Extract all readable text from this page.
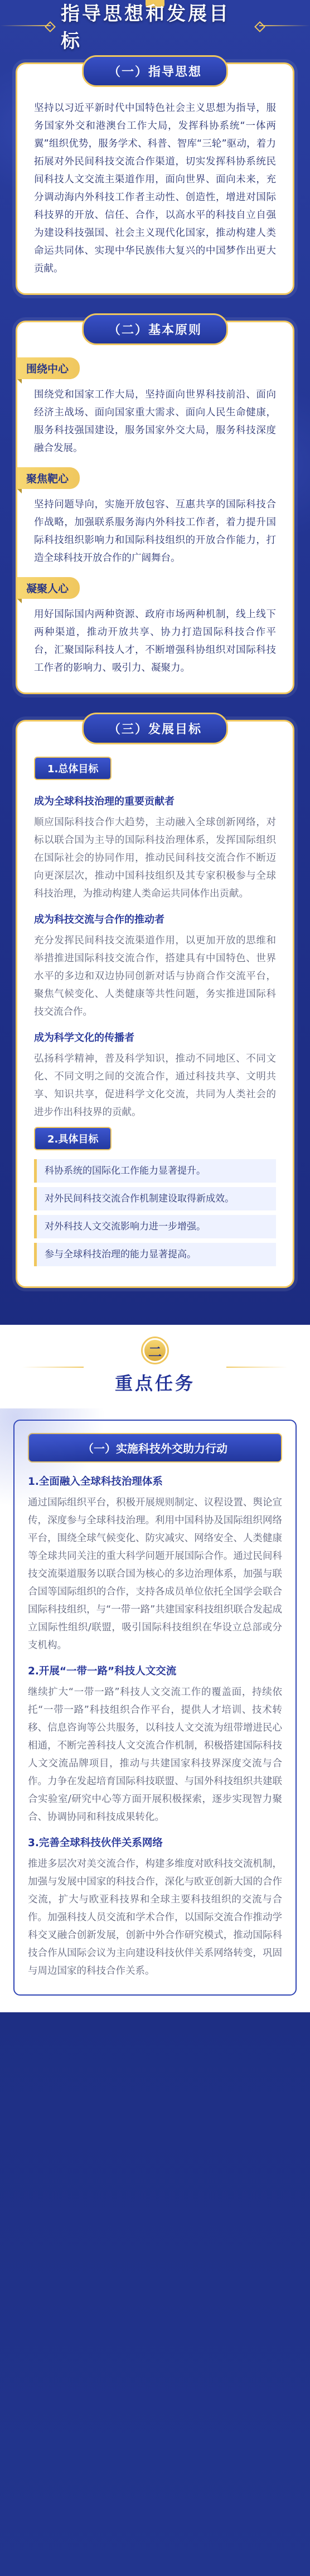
指导思想和发展目标
（一）指导思想

坚持以习近平新时代中国特色社会主义思想为指导，服务国家外交和港澳台工作大局，发挥科协系统“一体两翼”组织优势，服务学术、科普、智库“三轮”驱动，着力拓展对外民间科技交流合作渠道，切实发挥科协系统民间科技人文交流主渠道作用，面向世界、面向未来，充分调动海内外科技工作者主动性、创造性，增进对国际科技界的开放、信任、合作，以高水平的科技自立自强为建设科技强国、社会主义现代化国家，推动构建人类命运共同体、实现中华民族伟大复兴的中国梦作出更大贡献。

（二）基本原则
围绕中心

围绕党和国家工作大局，坚持面向世界科技前沿、面向经济主战场、面向国家重大需求、面向人民生命健康，服务科技强国建设，服务国家外交大局，服务科技深度融合发展。

聚焦靶心

坚持问题导向，实施开放包容、互惠共享的国际科技合作战略，加强联系服务海内外科技工作者，着力提升国际科技组织影响力和国际科技组织的开放合作能力，打造全球科技开放合作的广阔舞台。

凝聚人心

用好国际国内两种资源、政府市场两种机制，线上线下两种渠道，推动开放共享、协力打造国际科技合作平台，汇聚国际科技人才，不断增强科协组织对国际科技工作者的影响力、吸引力、凝聚力。

（三）发展目标
1.总体目标
成为全球科技治理的重要贡献者

顺应国际科技合作大趋势，主动融入全球创新网络，对标以联合国为主导的国际科技治理体系，发挥国际组织在国际社会的协同作用，推动民间科技交流合作不断迈向更深层次，推动中国科技组织及其专家积极参与全球科技治理，为推动构建人类命运共同体作出贡献。

成为科技交流与合作的推动者

充分发挥民间科技交流渠道作用，以更加开放的思维和举措推进国际科技交流合作，搭建具有中国特色、世界水平的多边和双边协同创新对话与协商合作交流平台，聚焦气候变化、人类健康等共性问题，务实推进国际科技交流合作。

成为科学文化的传播者

弘扬科学精神，普及科学知识，推动不同地区、不同文化、不同文明之间的交流合作，通过科技共享、文明共享、知识共享，促进科学文化交流，共同为人类社会的进步作出科技界的贡献。

2.具体目标
科协系统的国际化工作能力显著提升。
对外民间科技交流合作机制建设取得新成效。
对外科技人文交流影响力进一步增强。
参与全球科技治理的能力显著提高。
二
重点任务
（一）实施科技外交助力行动
1.全面融入全球科技治理体系

通过国际组织平台，积极开展规则制定、议程设置、舆论宣传，深度参与全球科技治理。利用中国科协及国际组织网络平台，围绕全球气候变化、防灾减灾、网络安全、人类健康等全球共同关注的重大科学问题开展国际合作。通过民间科技交流渠道服务以联合国为核心的多边治理体系，加强与联合国等国际组织的合作，支持各成员单位依托全国学会联合国际科技组织，与“一带一路”共建国家科技组织联合发起成立国际性组织/联盟，吸引国际科技组织在华设立总部或分支机构。

2.开展“一带一路”科技人文交流

继续扩大“一带一路”科技人文交流工作的覆盖面，持续依托“一带一路”科技组织合作平台，提供人才培训、技术转移、信息咨询等公共服务，以科技人文交流为纽带增进民心相通，不断完善科技人文交流合作机制，积极搭建国际科技人文交流品牌项目，推动与共建国家科技界深度交流与合作。力争在发起培育国际科技联盟、与国外科技组织共建联合实验室/研究中心等方面开展积极探索，逐步实现智力聚合、协调协同和科技成果转化。

3.完善全球科技伙伴关系网络

推进多层次对美交流合作，构建多维度对欧科技交流机制，加强与发展中国家的科技合作，深化与欧亚创新大国的合作交流，扩大与欧亚科技界和全球主要科技组织的交流与合作。加强科技人员交流和学术合作，以国际交流合作推动学科交叉融合创新发展，创新中外合作研究模式，推动国际科技合作从国际会议为主向建设科技伙伴关系网络转变，巩固与周边国家的科技合作关系。
